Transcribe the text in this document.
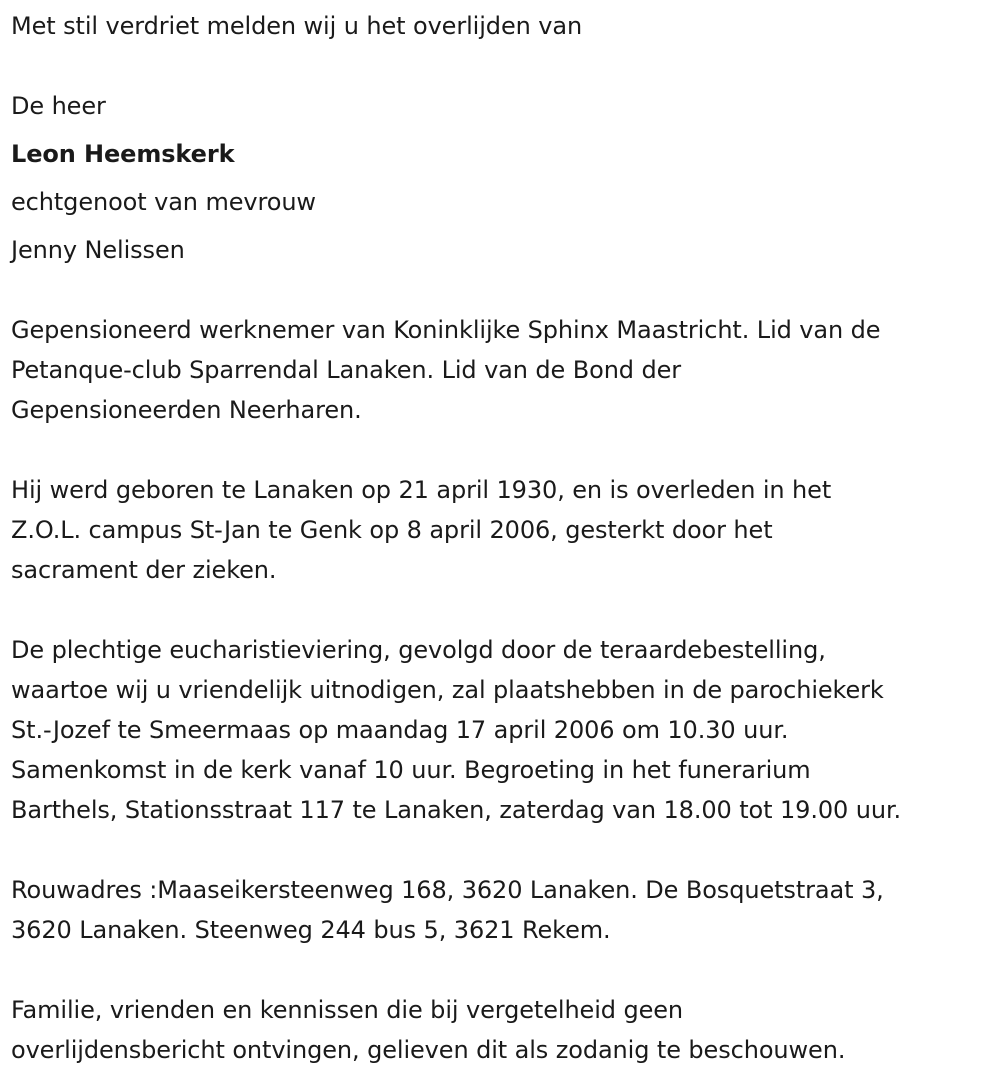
Met stil verdriet melden wij u het overlijden van
De heer
Leon Heemskerk
echtgenoot van mevrouw
Jenny Nelissen
Gepensioneerd werknemer van Koninklijke Sphinx Maastricht. Lid van de
Petanque-club Sparrendal Lanaken. Lid van de Bond der
Gepensioneerden Neerharen.
Hij werd geboren te Lanaken op 21 april 1930, en is overleden in het
Z.O.L. campus St-Jan te Genk op 8 april 2006, gesterkt door het
sacrament der zieken.
De plechtige eucharistieviering, gevolgd door de teraardebestelling,
waartoe wij u vriendelijk uitnodigen, zal plaatshebben in de parochiekerk
St.-Jozef te Smeermaas op maandag 17 april 2006 om 10.30 uur.
Samenkomst in de kerk vanaf 10 uur. Begroeting in het funerarium
Barthels, Stationsstraat 117 te Lanaken, zaterdag van 18.00 tot 19.00 uur.
Rouwadres :Maaseikersteenweg 168, 3620 Lanaken. De Bosquetstraat 3,
3620 Lanaken. Steenweg 244 bus 5, 3621 Rekem.
Familie, vrienden en kennissen die bij vergetelheid geen
overlijdensbericht ontvingen, gelieven dit als zodanig te beschouwen.
